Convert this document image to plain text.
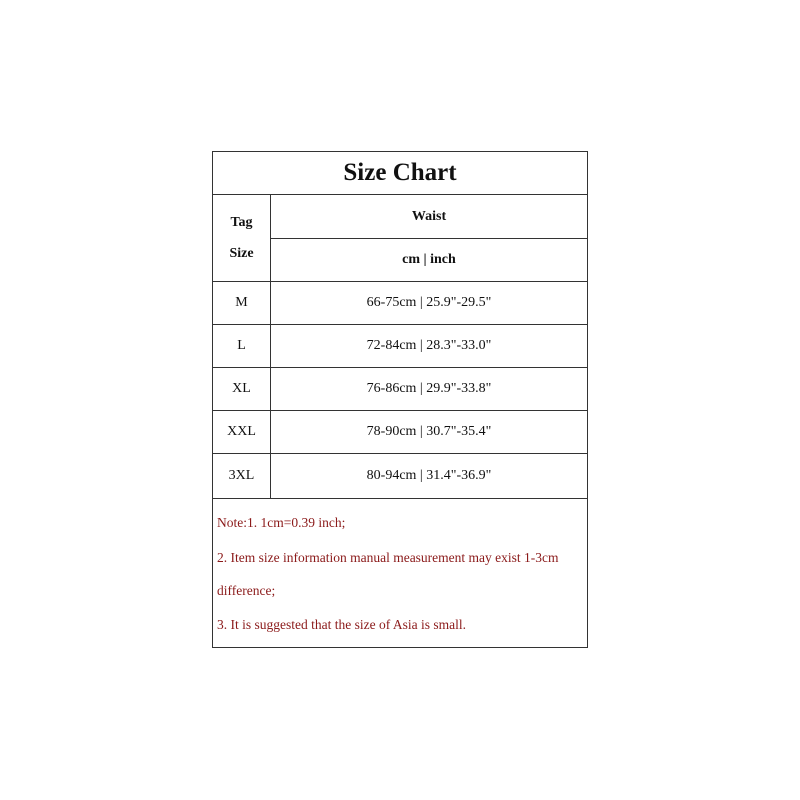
Size Chart
Tag
Size
Waist
cm | inch
M	66-75cm | 25.9"-29.5"
L	72-84cm | 28.3"-33.0"
XL	76-86cm | 29.9"-33.8"
XXL	78-90cm | 30.7"-35.4"
3XL	80-94cm | 31.4"-36.9"
Note:1. 1cm=0.39 inch;
2. Item size information manual measurement may exist 1-3cm
difference;
3. It is suggested that the size of Asia is small.
